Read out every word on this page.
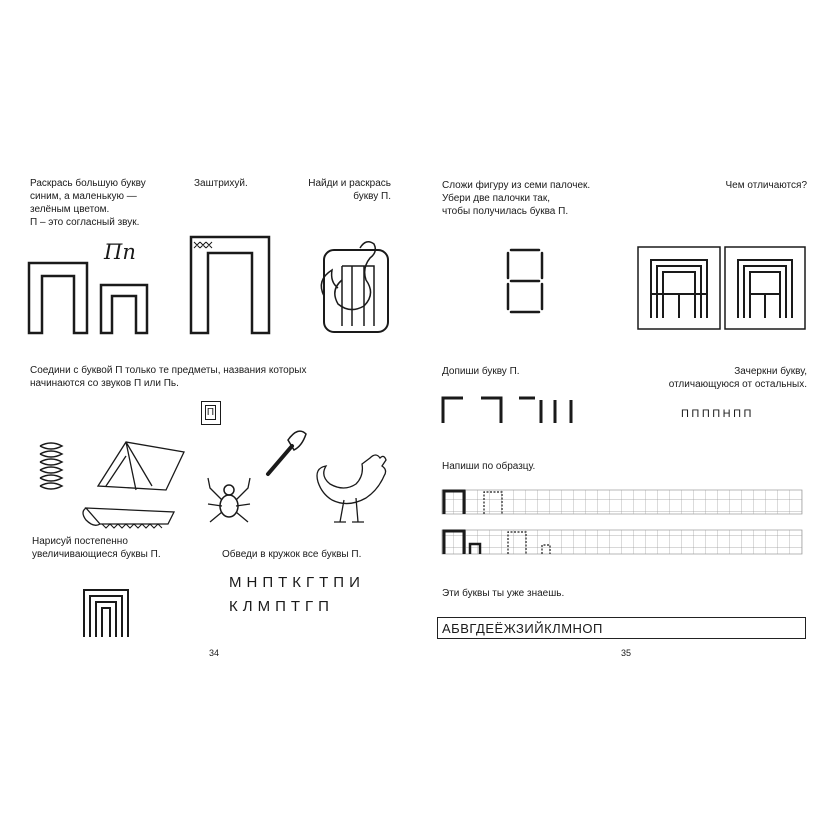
Раскрась большую букву
синим, а маленькую —
зелёным цветом.
П – это согласный звук.
Заштрихуй.	Найди и раскрась
букву П.
Пп
Соедини с буквой П только те предметы, названия которых
начинаются со звуков П или Пь.
П
Нарисуй постепенно
увеличивающиеся буквы П.	Обведи в кружок все буквы П.
МНПТКГТПИ
КЛМПТГП
34
Сложи фигуру из семи палочек.
Убери две палочки так,
чтобы получилась буква П.
Чем отличаются?
Допиши букву П.	Зачеркни букву,
отличающуюся от остальных.
ППППНПП
Напиши по образцу.
Эти буквы ты уже знаешь.
АБВГДЕЁЖЗИЙКЛМНОП
35
